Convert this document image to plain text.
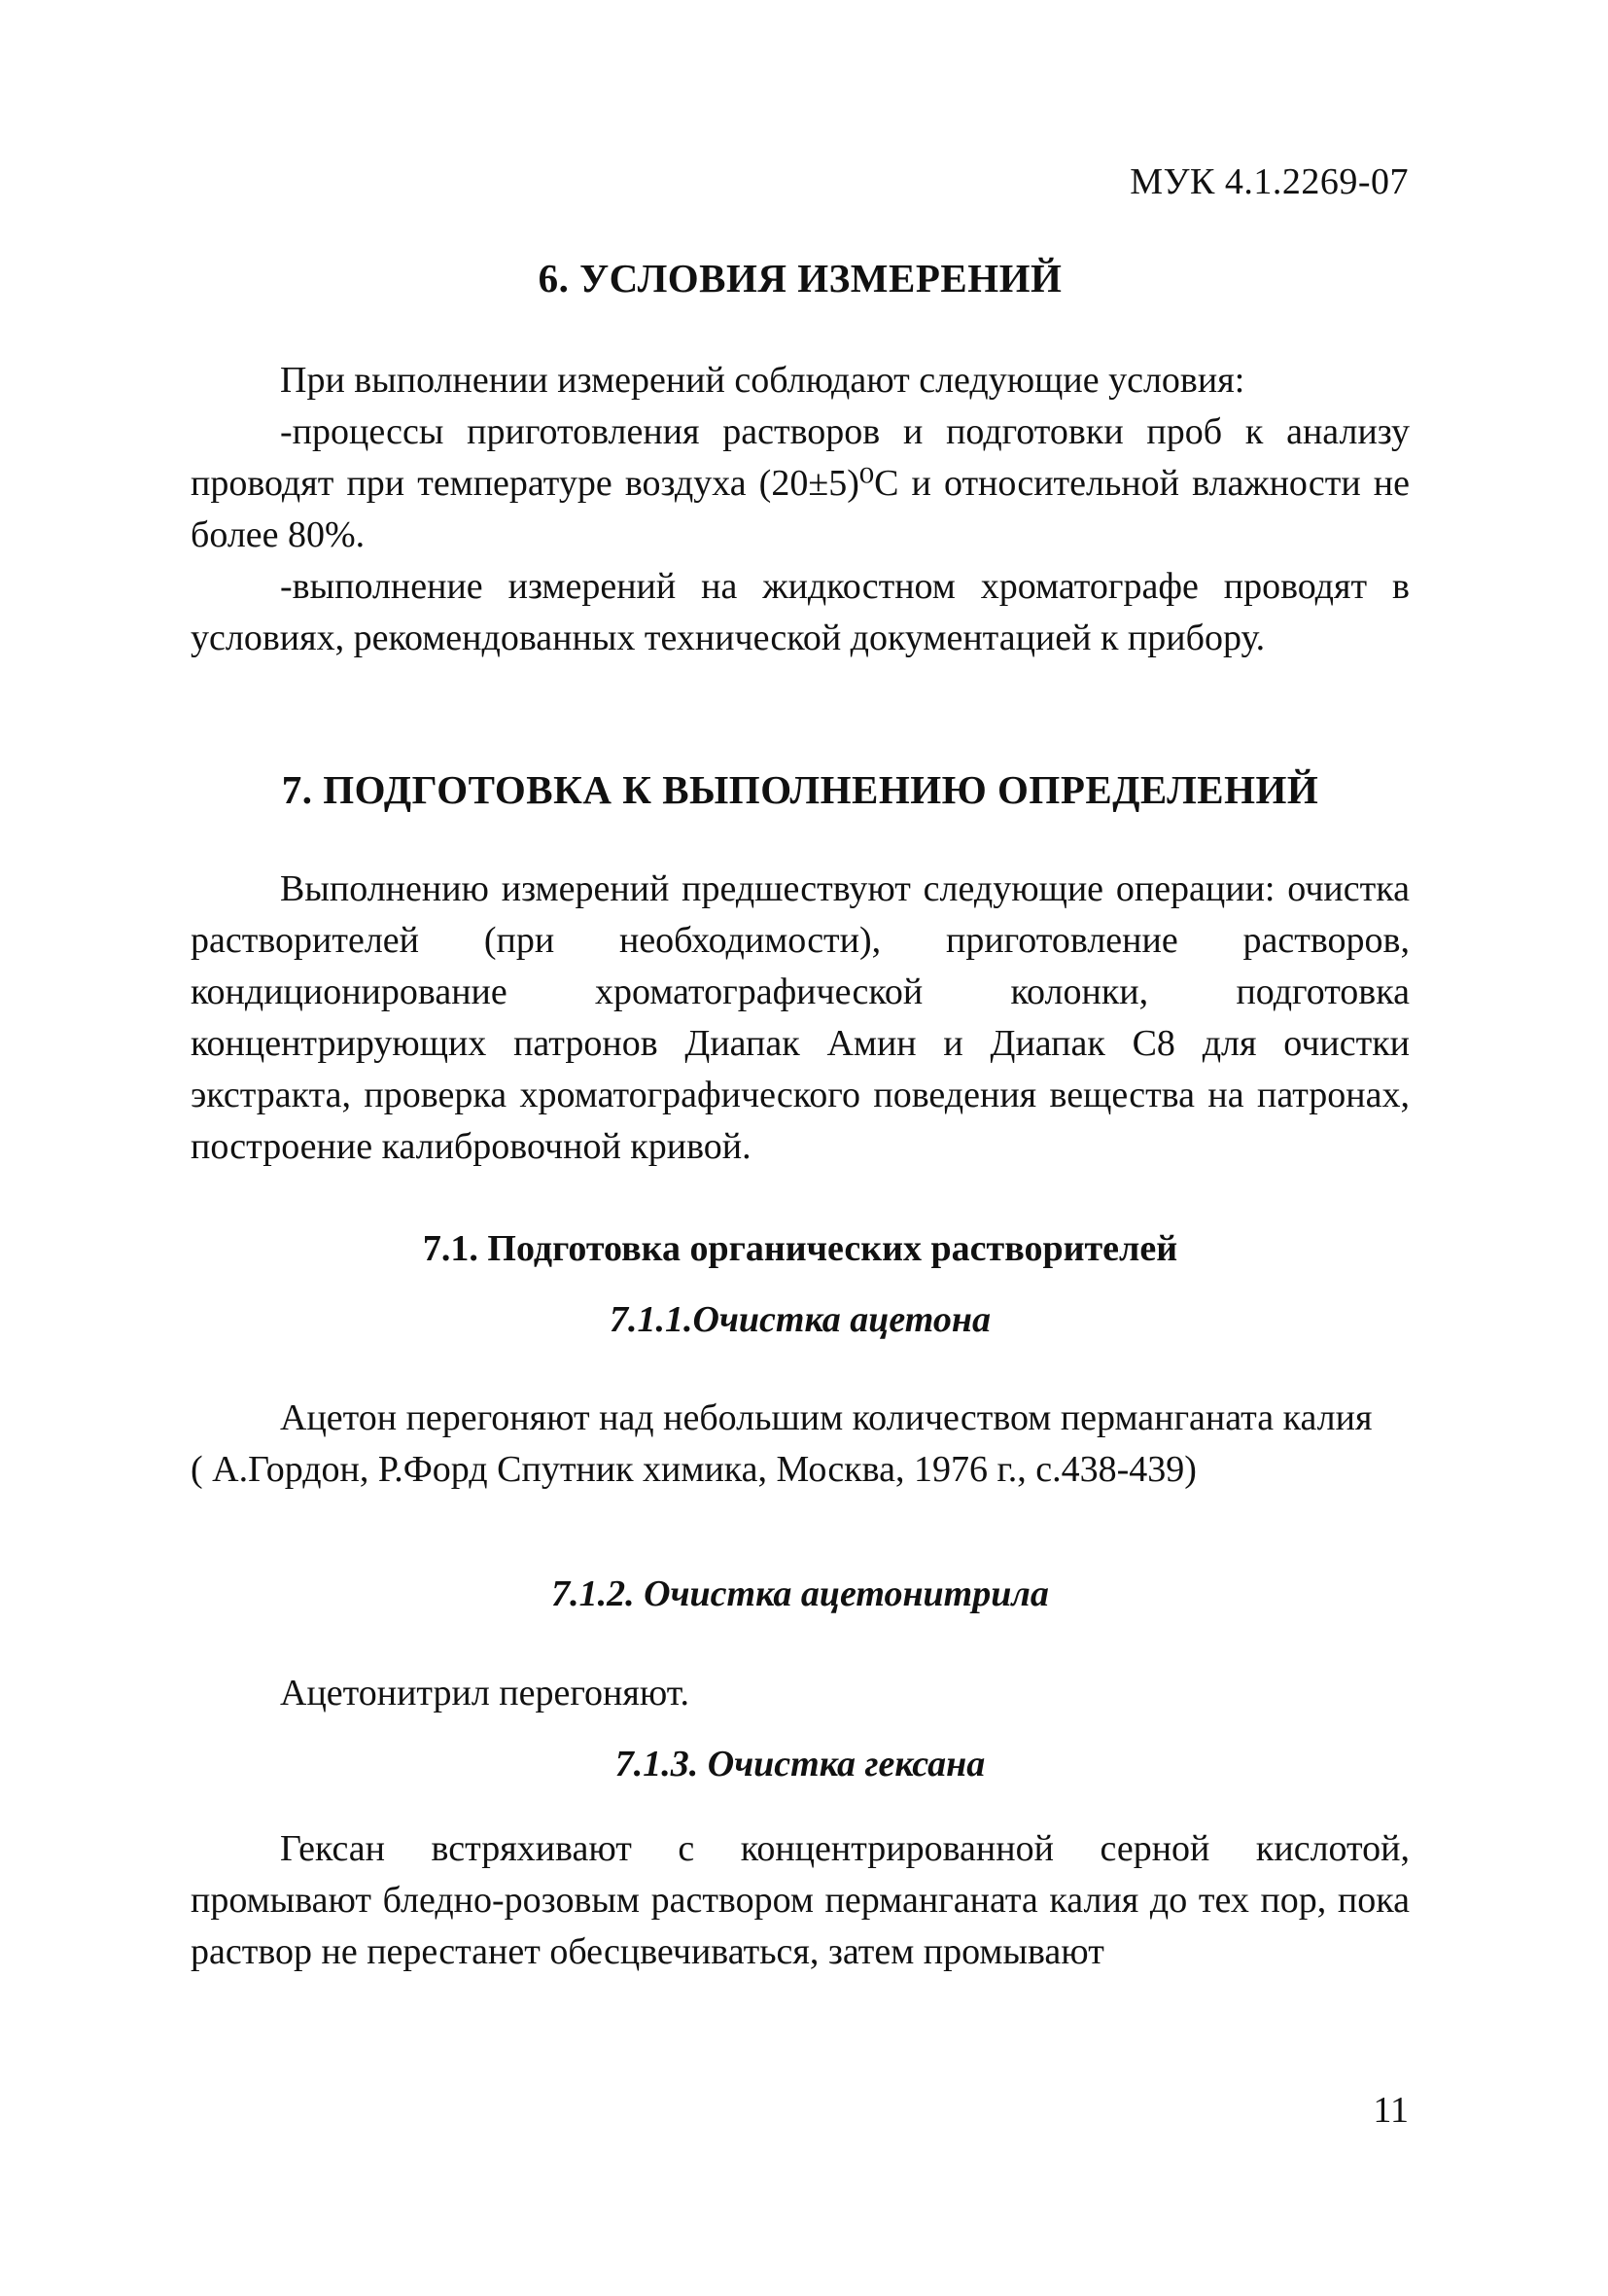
МУК 4.1.2269-07
6. УСЛОВИЯ ИЗМЕРЕНИЙ

При выполнении измерений соблюдают следующие условия:

-процессы приготовления растворов и подготовки проб к анализу проводят при температуре воздуха (20±5)⁰С и относительной влажности не более 80%.

-выполнение измерений на жидкостном хроматографе проводят в условиях, рекомендованных технической документацией к прибору.

7. ПОДГОТОВКА К ВЫПОЛНЕНИЮ ОПРЕДЕЛЕНИЙ

Выполнению измерений предшествуют следующие операции: очистка растворителей (при необходимости), приготовление растворов, кондиционирование хроматографической колонки, подготовка концентрирующих патронов Диапак Амин и Диапак С8 для очистки экстракта, проверка хроматографического поведения вещества на патронах, построение калибровочной кривой.

7.1. Подготовка органических растворителей
7.1.1.Очистка ацетона

Ацетон перегоняют над небольшим количеством перманганата калия

( А.Гордон, Р.Форд Спутник химика, Москва, 1976 г., с.438-439)

7.1.2. Очистка ацетонитрила

Ацетонитрил перегоняют.

7.1.3. Очистка гексана

Гексан встряхивают с концентрированной серной кислотой, промывают бледно-розовым раствором перманганата калия до тех пор, пока раствор не перестанет обесцвечиваться, затем промывают

11
